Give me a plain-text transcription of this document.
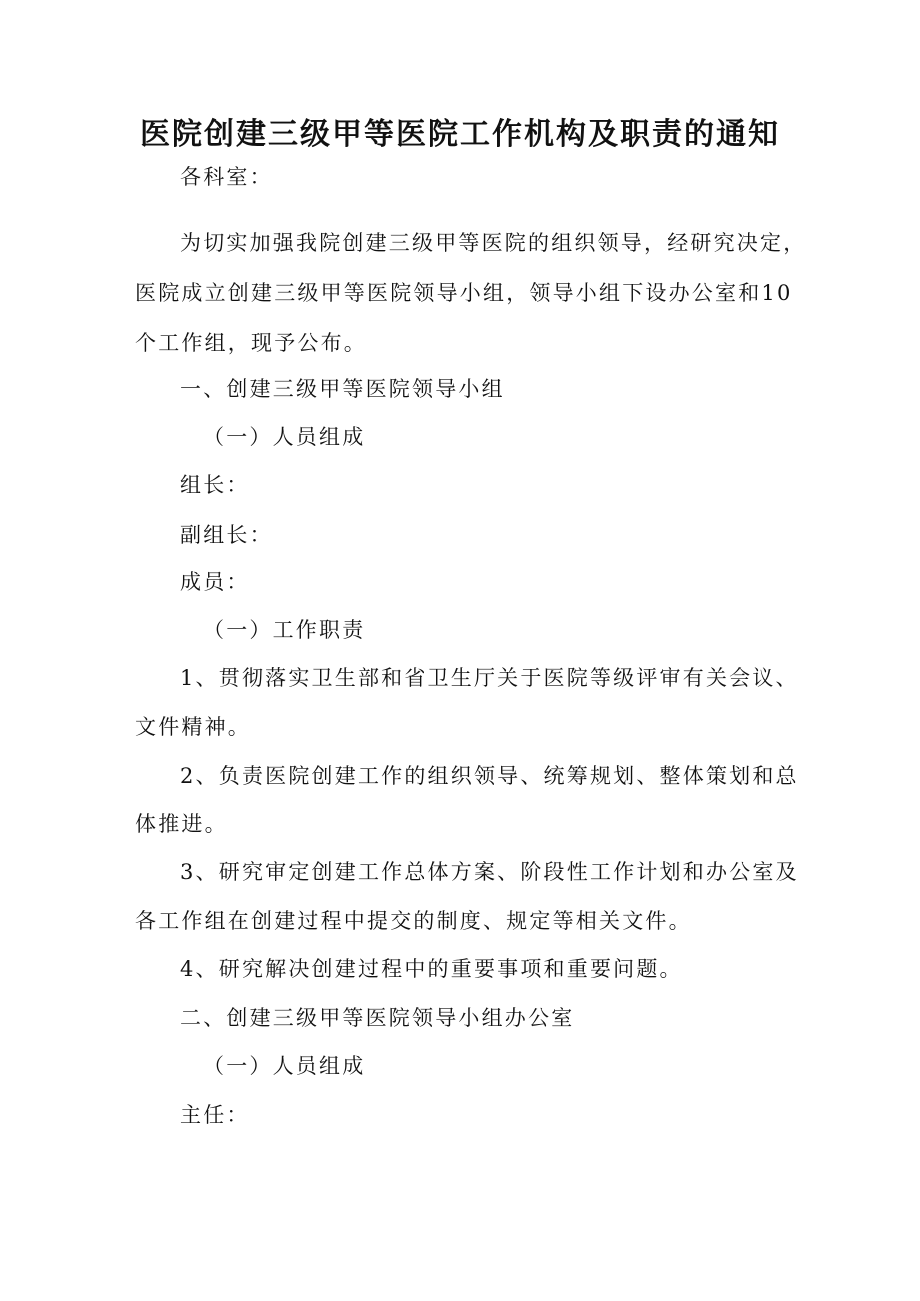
医院创建三级甲等医院工作机构及职责的通知
各科室：
为切实加强我院创建三级甲等医院的组织领导，经研究决定，
医院成立创建三级甲等医院领导小组，领导小组下设办公室和10
个工作组，现予公布。
一、创建三级甲等医院领导小组
（一）人员组成
组长：
副组长：
成员：
（一）工作职责
1、贯彻落实卫生部和省卫生厅关于医院等级评审有关会议、
文件精神。
2、负责医院创建工作的组织领导、统筹规划、整体策划和总
体推进。
3、研究审定创建工作总体方案、阶段性工作计划和办公室及
各工作组在创建过程中提交的制度、规定等相关文件。
4、研究解决创建过程中的重要事项和重要问题。
二、创建三级甲等医院领导小组办公室
（一）人员组成
主任：
